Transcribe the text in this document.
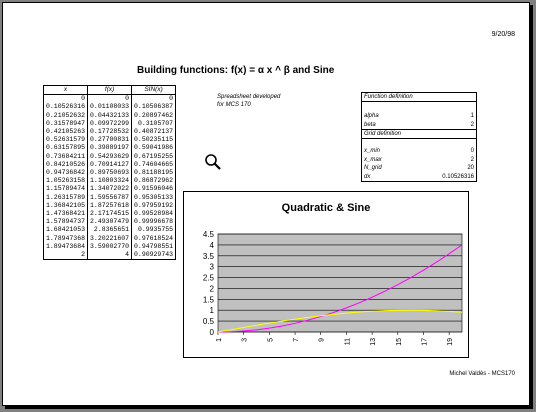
9/20/98
Building functions: f(x) = α x ^ β and Sine
x	f(x)	SIN(x)
0	0	0
0.10526316	0.01108033	0.10506387
0.21052632	0.04432133	0.20897462
0.31578947	0.09972299	0.3105707
0.42105263	0.17728532	0.40872137
0.52631579	0.27700831	0.50235115
0.63157895	0.39889197	0.59041986
0.73684211	0.54293629	0.67195255
0.84210526	0.70914127	0.74604665
0.94736842	0.89750693	0.81188195
1.05263158	1.10803324	0.86872962
1.15789474	1.34072022	0.91596046
1.26315789	1.59556787	0.95305133
1.36842105	1.87257618	0.97959192
1.47368421	2.17174515	0.99528984
1.57894737	2.49307479	0.99996678
1.68421053	2.8365651	0.9935755
1.78947368	3.20221607	0.97618524
1.89473684	3.59002770	0.94798551
2	4	0.90929743
Spreadsheet developed
for MCS 170
Function definition
alpha	1
beta	2
Grid definition
x_min	0
x_max	2
N_grid	20
dx	0.10526316
Quadratic & Sine
0
0.5
1
1.5
2
2.5
3
3.5
4
4.5
1	3	5	7	9	11	13	15	17	19
Michel Valdès - MCS170
